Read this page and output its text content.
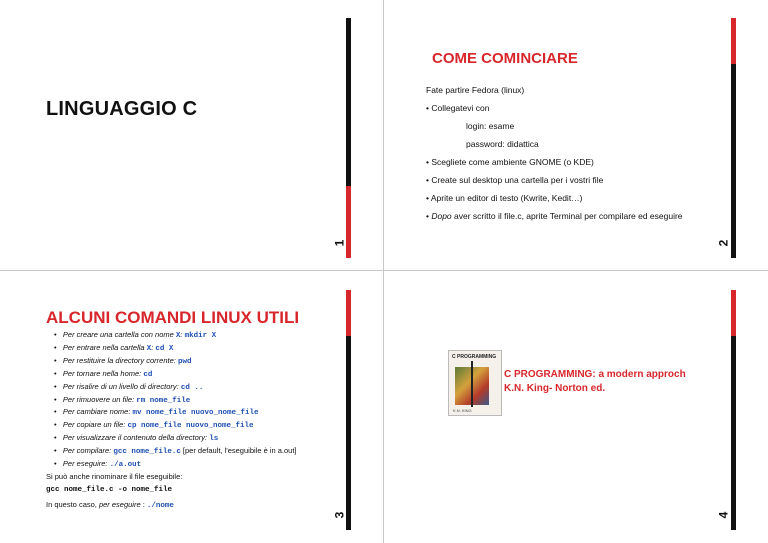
LINGUAGGIO C
1
COME COMINCIARE
Fate partire Fedora (linux)
• Collegatevi con
login: esame
password: didattica
• Scegliete come ambiente GNOME (o KDE)
• Create sul desktop una cartella per i vostri file
• Aprite un editor di testo (Kwrite, Kedit…)
• Dopo aver scritto il file.c, aprite Terminal per compilare ed eseguire
2
ALCUNI COMANDI LINUX UTILI
•   Per creare una cartella con nome X: mkdir X
•   Per entrare nella cartella X: cd X
•   Per restituire la directory corrente: pwd
•   Per tornare nella home: cd
•   Per risalire di un livello di directory: cd ..
•   Per rimuovere un file: rm nome_file
•   Per cambiare nome: mv nome_file nuovo_nome_file
•   Per copiare un file: cp nome_file nuovo_nome_file
•   Per visualizzare il contenuto della directory: ls
•   Per compilare: gcc nome_file.c [per default, l'eseguibile è in a.out]
•   Per eseguire: ./a.out
Si può anche rinominare il file eseguibile:
gcc nome_file.c -o nome_file
In questo caso, per eseguire : ./nome
3
C PROGRAMMING
K.N. KING
C PROGRAMMING: a modern approch
K.N. King- Norton ed.
4
